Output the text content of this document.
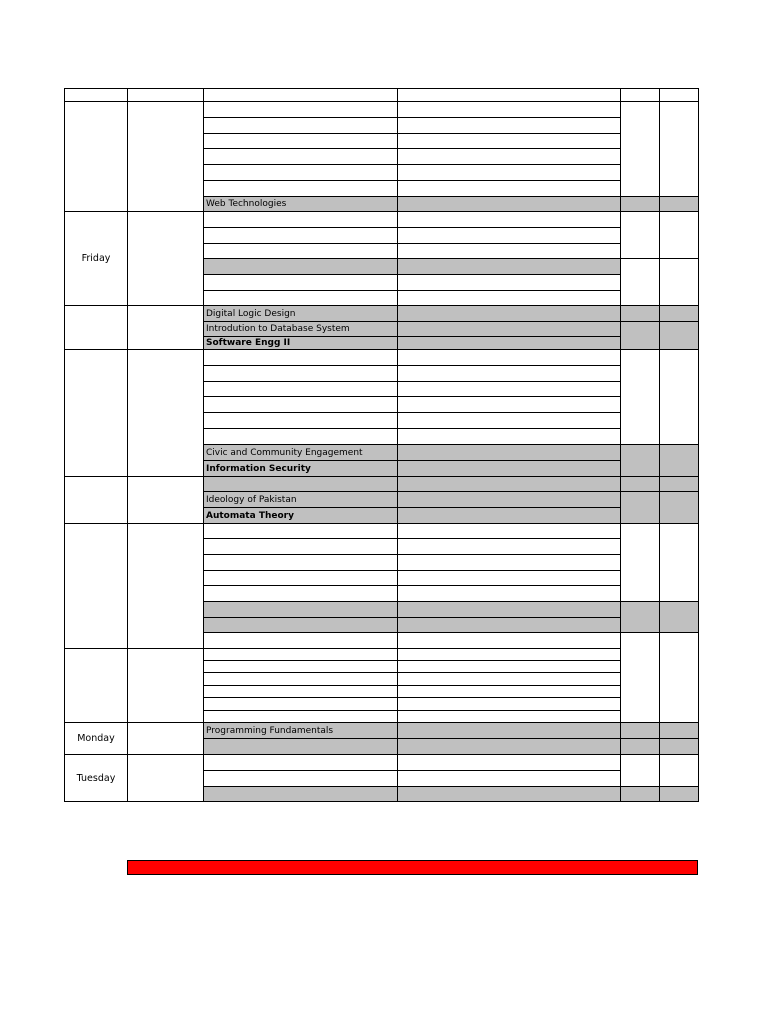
Friday
Monday
Tuesday
Web Technologies
Digital Logic Design
Introdution to Database System
Software Engg II
Civic and Community Engagement
Information Security
Ideology of Pakistan
Automata Theory
Programming Fundamentals
